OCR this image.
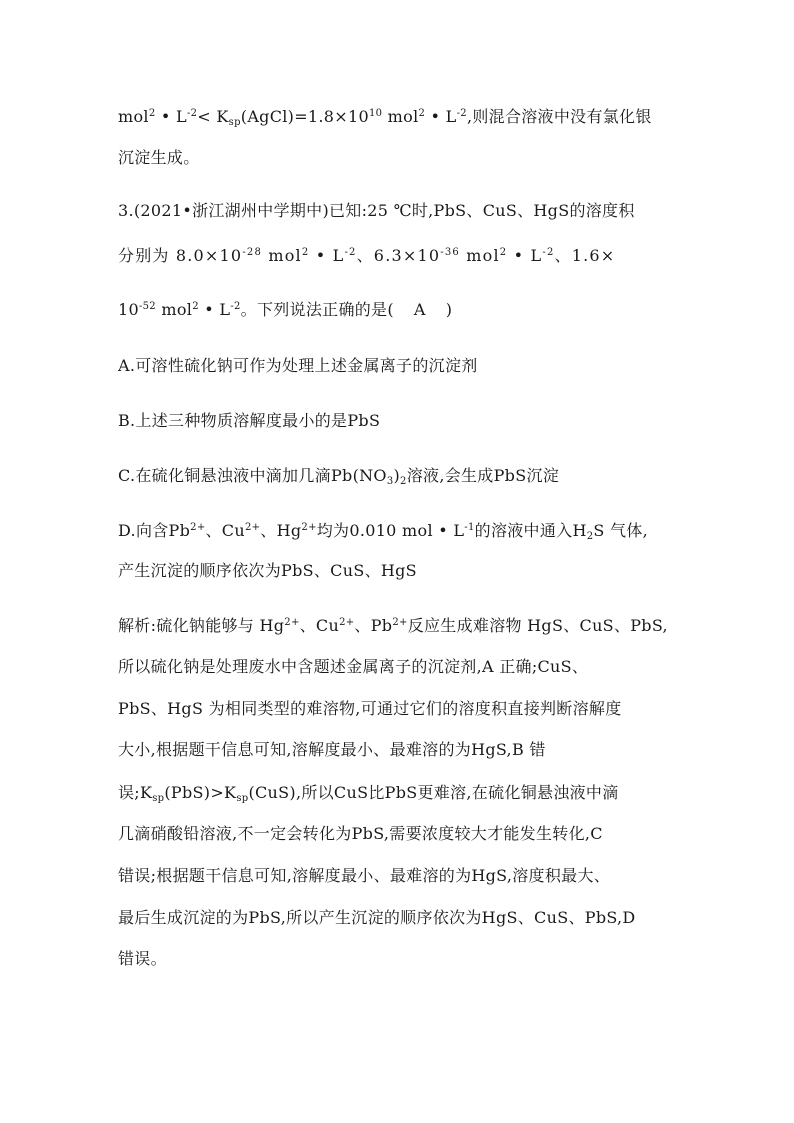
mol$^2$ • $L^{-2}<$ $K_{sp}(AgCl)=1.8\times 10^{10}$ mol$^2$ • $L^{-2}$,则混合溶液中没有氯化银
沉淀生成。
3.(2021•浙江湖州中学期中)已知:25 ℃时,PbS、CuS、HgS的溶度积
分别为 $8.0\times 10^{-28}$ mol$^2$ • $L^{-2}$、$6.3\times 10^{-36}$ mol$^2$ • $L^{-2}$、1.6×
$10^{-52}$ mol$^2$ • $L^{-2}$。下列说法正确的是( A )
A.可溶性硫化钠可作为处理上述金属离子的沉淀剂
B.上述三种物质溶解度最小的是PbS
C.在硫化铜悬浊液中滴加几滴$Pb(NO_3)_2$溶液,会生成PbS沉淀
D.向含$Pb^{2+}$、$Cu^{2+}$、$Hg^{2+}$均为0.010 mol • $L^{-1}$的溶液中通入$H_2S$ 气体,
产生沉淀的顺序依次为PbS、CuS、HgS
解析:硫化钠能够与 $Hg^{2+}$、$Cu^{2+}$、$Pb^{2+}$反应生成难溶物 HgS、CuS、PbS,
所以硫化钠是处理废水中含题述金属离子的沉淀剂,A 正确;CuS、
PbS、HgS 为相同类型的难溶物,可通过它们的溶度积直接判断溶解度
大小,根据题干信息可知,溶解度最小、最难溶的为HgS,B 错
误$;K_{sp}(PbS)>K_{sp}(CuS)$,所以CuS比PbS更难溶,在硫化铜悬浊液中滴
几滴硝酸铅溶液,不一定会转化为PbS,需要浓度较大才能发生转化,C
错误;根据题干信息可知,溶解度最小、最难溶的为HgS,溶度积最大、
最后生成沉淀的为PbS,所以产生沉淀的顺序依次为HgS、CuS、PbS,D
错误。
